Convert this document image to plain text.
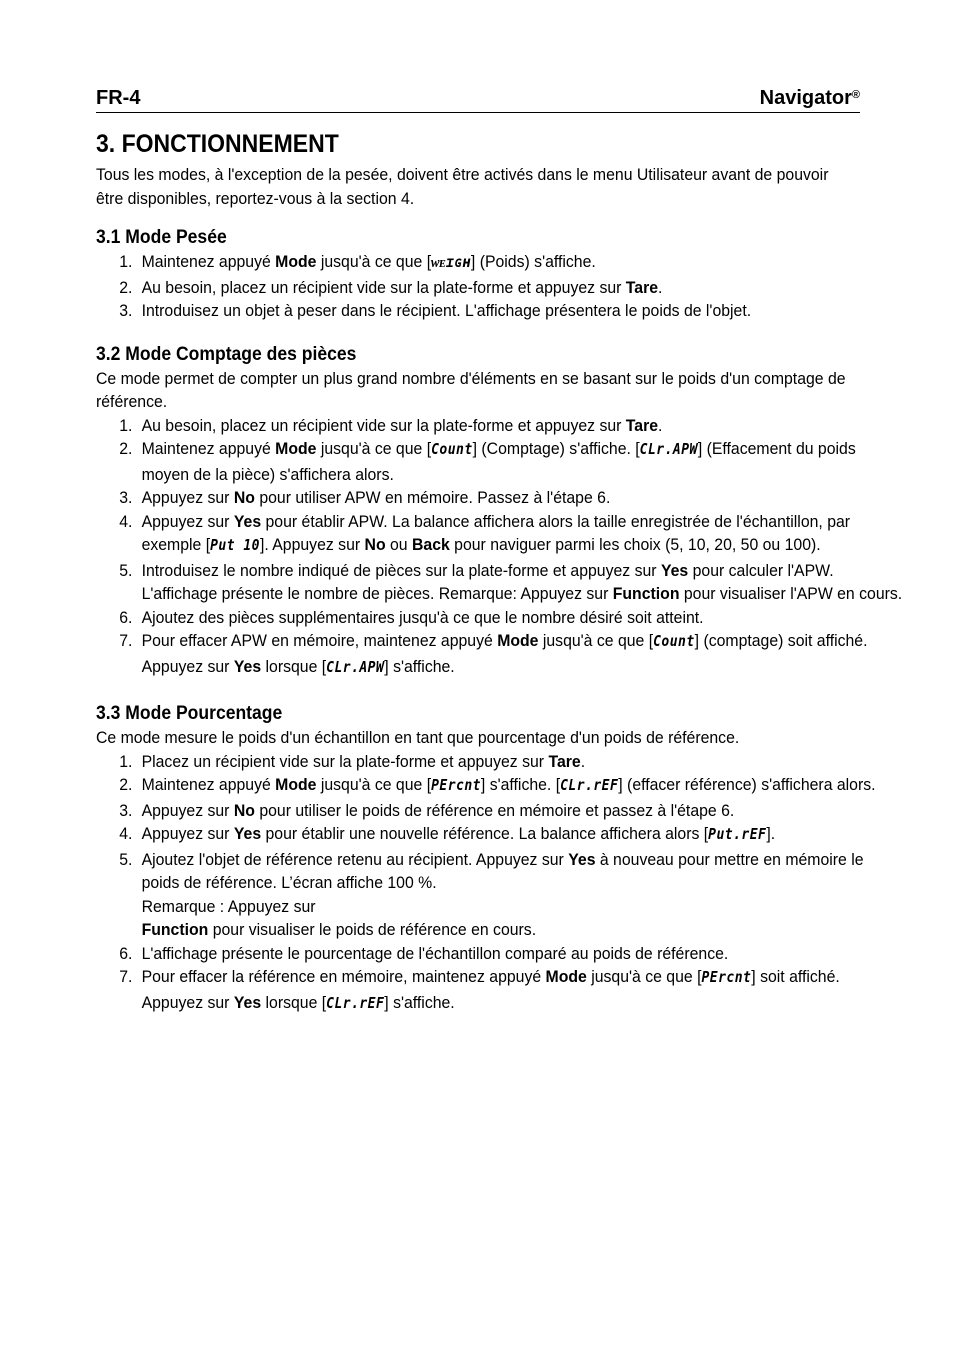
FR-4	Navigator®
3. FONCTIONNEMENT

Tous les modes, à l'exception de la pesée, doivent être activés dans le menu Utilisateur avant de pouvoir être disponibles, reportez-vous à la section 4.

3.1 Mode Pesée
1. Maintenez appuyé Mode jusqu'à ce que [ᴡᴇɪɢʜ] (Poids) s'affiche.
2. Au besoin, placez un récipient vide sur la plate-forme et appuyez sur Tare.
3. Introduisez un objet à peser dans le récipient. L'affichage présentera le poids de l'objet.
3.2 Mode Comptage des pièces

Ce mode permet de compter un plus grand nombre d'éléments en se basant sur le poids d'un comptage de référence.

1. Au besoin, placez un récipient vide sur la plate-forme et appuyez sur Tare.
2. Maintenez appuyé Mode jusqu'à ce que [Count] (Comptage) s'affiche. [CLr.APW] (Effacement du poids moyen de la pièce) s'affichera alors.
3. Appuyez sur No pour utiliser APW en mémoire. Passez à l'étape 6.
4. Appuyez sur Yes pour établir APW. La balance affichera alors la taille enregistrée de l'échantillon, par exemple [Put 10]. Appuyez sur No ou Back pour naviguer parmi les choix (5, 10, 20, 50 ou 100).
5. Introduisez le nombre indiqué de pièces sur la plate-forme et appuyez sur Yes pour calculer l'APW. L'affichage présente le nombre de pièces. Remarque: Appuyez sur Function pour visualiser l'APW en cours.
6. Ajoutez des pièces supplémentaires jusqu'à ce que le nombre désiré soit atteint.
7. Pour effacer APW en mémoire, maintenez appuyé Mode jusqu'à ce que [Count] (comptage) soit affiché. Appuyez sur Yes lorsque [CLr.APW] s'affiche.
3.3 Mode Pourcentage

Ce mode mesure le poids d'un échantillon en tant que pourcentage d'un poids de référence.

1. Placez un récipient vide sur la plate-forme et appuyez sur Tare.
2. Maintenez appuyé Mode jusqu'à ce que [PErcnt] s'affiche. [CLr.rEF] (effacer référence) s'affichera alors.
3. Appuyez sur No pour utiliser le poids de référence en mémoire et passez à l'étape 6.
4. Appuyez sur Yes pour établir une nouvelle référence. La balance affichera alors [Put.rEF].
5. Ajoutez l'objet de référence retenu au récipient. Appuyez sur Yes à nouveau pour mettre en mémoire le poids de référence. L’écran affiche 100 %.
Remarque : Appuyez sur
Function pour visualiser le poids de référence en cours.
6. L'affichage présente le pourcentage de l'échantillon comparé au poids de référence.
7. Pour effacer la référence en mémoire, maintenez appuyé Mode jusqu'à ce que [PErcnt] soit affiché. Appuyez sur Yes lorsque [CLr.rEF] s'affiche.
